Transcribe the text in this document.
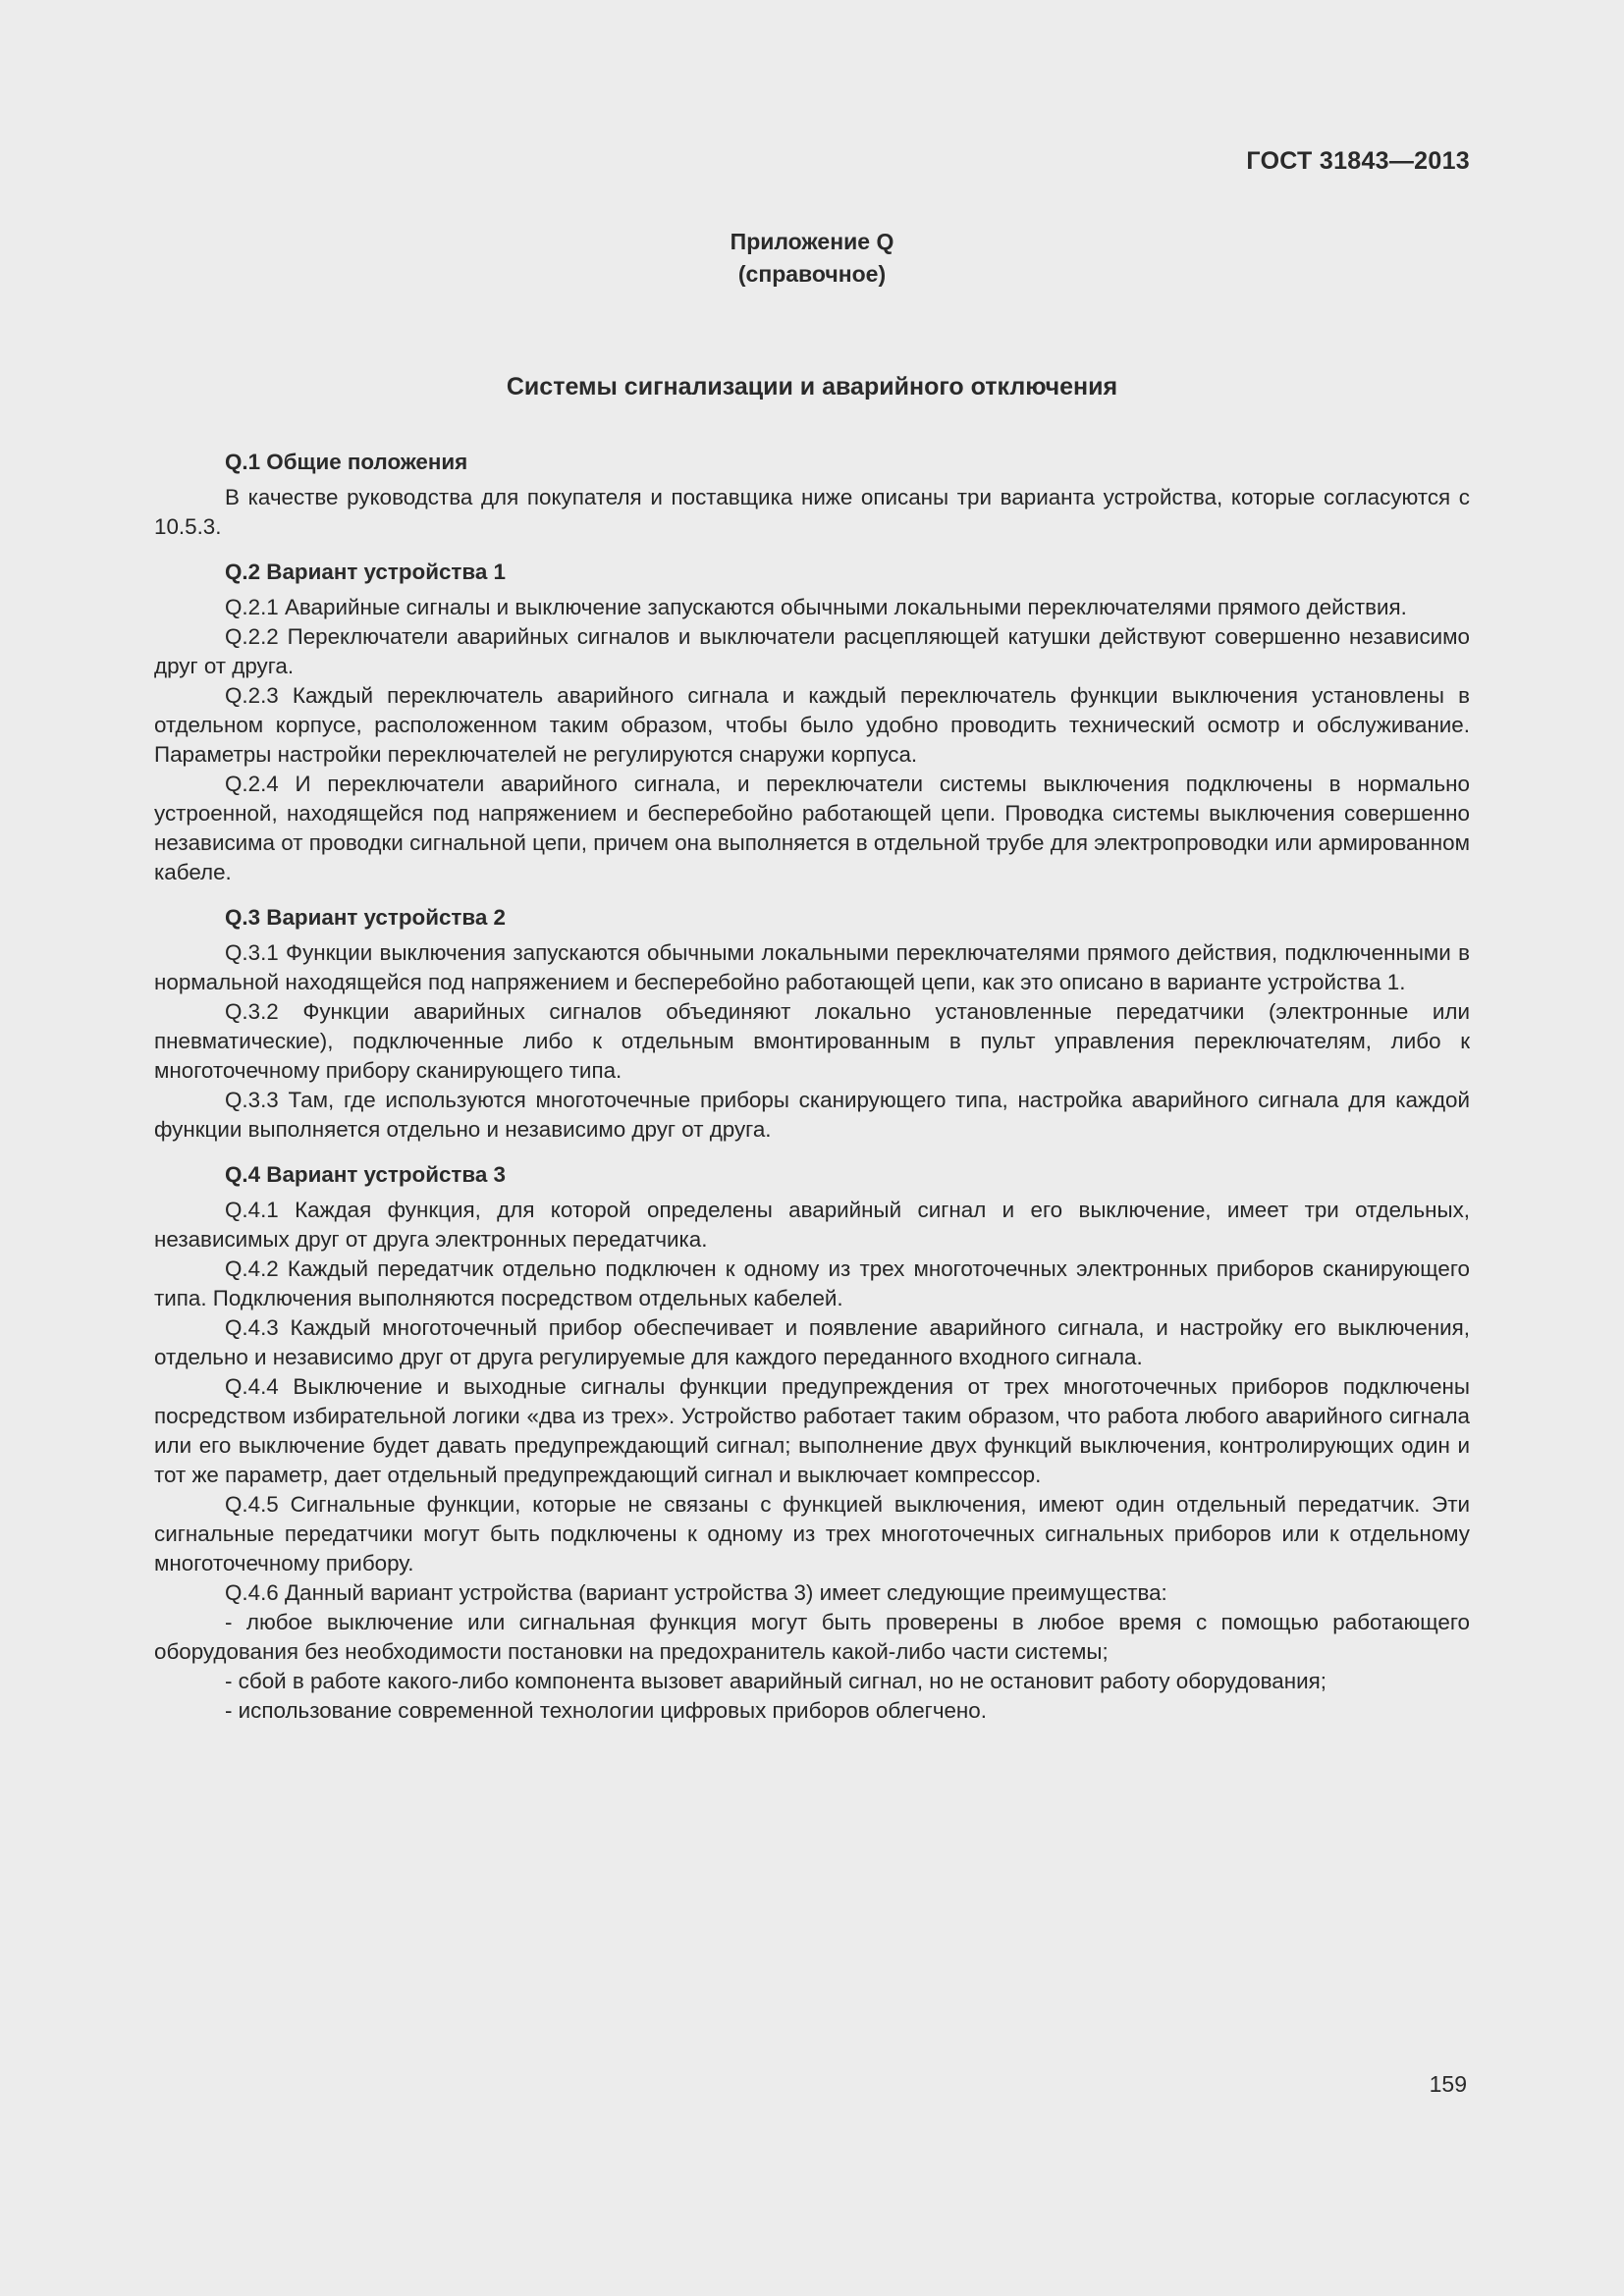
ГОСТ 31843—2013
Приложение Q
(справочное)
Системы сигнализации и аварийного отключения
Q.1 Общие положения

В качестве руководства для покупателя и поставщика ниже описаны три варианта устройства, которые согласуются с 10.5.3.

Q.2 Вариант устройства 1

Q.2.1 Аварийные сигналы и выключение запускаются обычными локальными переключателями прямого действия.

Q.2.2 Переключатели аварийных сигналов и выключатели расцепляющей катушки действуют совершенно независимо друг от друга.

Q.2.3 Каждый переключатель аварийного сигнала и каждый переключатель функции выключения установлены в отдельном корпусе, расположенном таким образом, чтобы было удобно проводить технический осмотр и обслуживание. Параметры настройки переключателей не регулируются снаружи корпуса.

Q.2.4 И переключатели аварийного сигнала, и переключатели системы выключения подключены в нормально устроенной, находящейся под напряжением и бесперебойно работающей цепи. Проводка системы выключения совершенно независима от проводки сигнальной цепи, причем она выполняется в отдельной трубе для электропроводки или армированном кабеле.

Q.3 Вариант устройства 2

Q.3.1 Функции выключения запускаются обычными локальными переключателями прямого действия, подключенными в нормальной находящейся под напряжением и бесперебойно работающей цепи, как это описано в варианте устройства 1.

Q.3.2 Функции аварийных сигналов объединяют локально установленные передатчики (электронные или пневматические), подключенные либо к отдельным вмонтированным в пульт управления переключателям, либо к многоточечному прибору сканирующего типа.

Q.3.3 Там, где используются многоточечные приборы сканирующего типа, настройка аварийного сигнала для каждой функции выполняется отдельно и независимо друг от друга.

Q.4 Вариант устройства 3

Q.4.1 Каждая функция, для которой определены аварийный сигнал и его выключение, имеет три отдельных, независимых друг от друга электронных передатчика.

Q.4.2 Каждый передатчик отдельно подключен к одному из трех многоточечных электронных приборов сканирующего типа. Подключения выполняются посредством отдельных кабелей.

Q.4.3 Каждый многоточечный прибор обеспечивает и появление аварийного сигнала, и настройку его выключения, отдельно и независимо друг от друга регулируемые для каждого переданного входного сигнала.

Q.4.4 Выключение и выходные сигналы функции предупреждения от трех многоточечных приборов подключены посредством избирательной логики «два из трех». Устройство работает таким образом, что работа любого аварийного сигнала или его выключение будет давать предупреждающий сигнал; выполнение двух функций выключения, контролирующих один и тот же параметр, дает отдельный предупреждающий сигнал и выключает компрессор.

Q.4.5 Сигнальные функции, которые не связаны с функцией выключения, имеют один отдельный передатчик. Эти сигнальные передатчики могут быть подключены к одному из трех многоточечных сигнальных приборов или к отдельному многоточечному прибору.

Q.4.6 Данный вариант устройства (вариант устройства 3) имеет следующие преимущества:

- любое выключение или сигнальная функция могут быть проверены в любое время с помощью работающего оборудования без необходимости постановки на предохранитель какой-либо части системы;

- сбой в работе какого-либо компонента вызовет аварийный сигнал, но не остановит работу оборудования;

- использование современной технологии цифровых приборов облегчено.

159
